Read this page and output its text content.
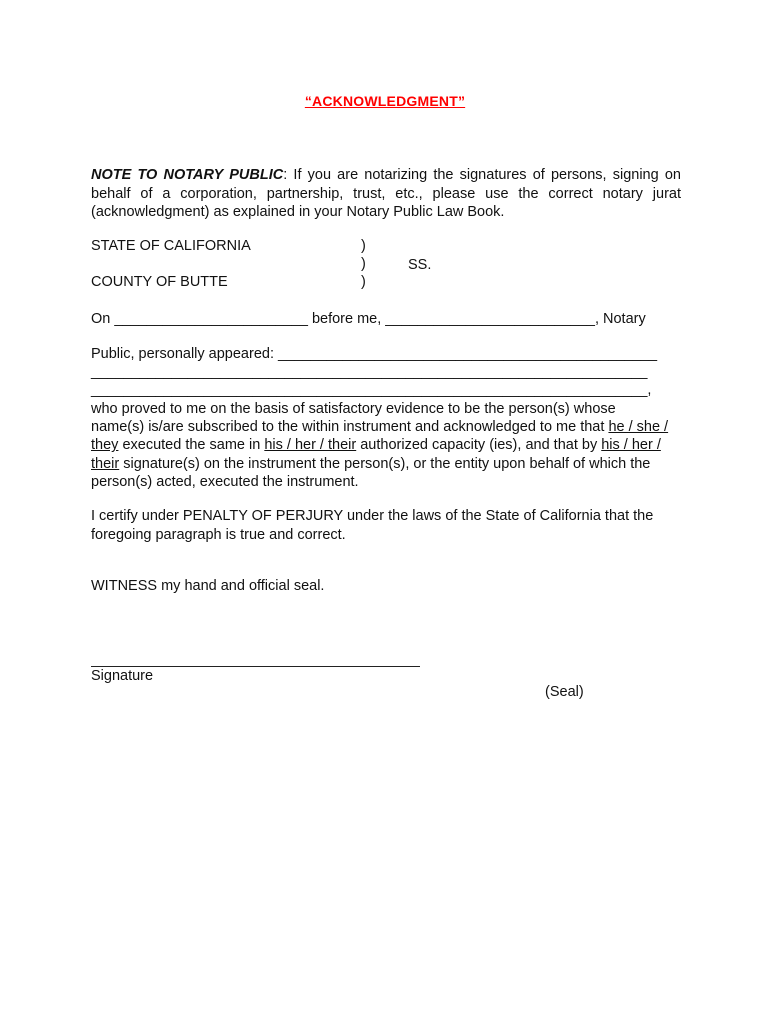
“ACKNOWLEDGMENT”
NOTE TO NOTARY PUBLIC: If you are notarizing the signatures of persons, signing on behalf of a corporation, partnership, trust, etc., please use the correct notary jurat (acknowledgment) as explained in your Notary Public Law Book.
STATE OF CALIFORNIA
COUNTY OF BUTTE
)
)
)
SS.
On ________________________ before me, __________________________, Notary
Public, personally appeared: _______________________________________________
_____________________________________________________________________
_____________________________________________________________________,
who proved to me on the basis of satisfactory evidence to be the person(s) whose name(s) is/are subscribed to the within instrument and acknowledged to me that he / she / they executed the same in his / her / their authorized capacity (ies), and that by his / her / their signature(s) on the instrument the person(s), or the entity upon behalf of which the person(s) acted, executed the instrument.
I certify under PENALTY OF PERJURY under the laws of the State of California that the foregoing paragraph is true and correct.
WITNESS my hand and official seal.
Signature
(Seal)
